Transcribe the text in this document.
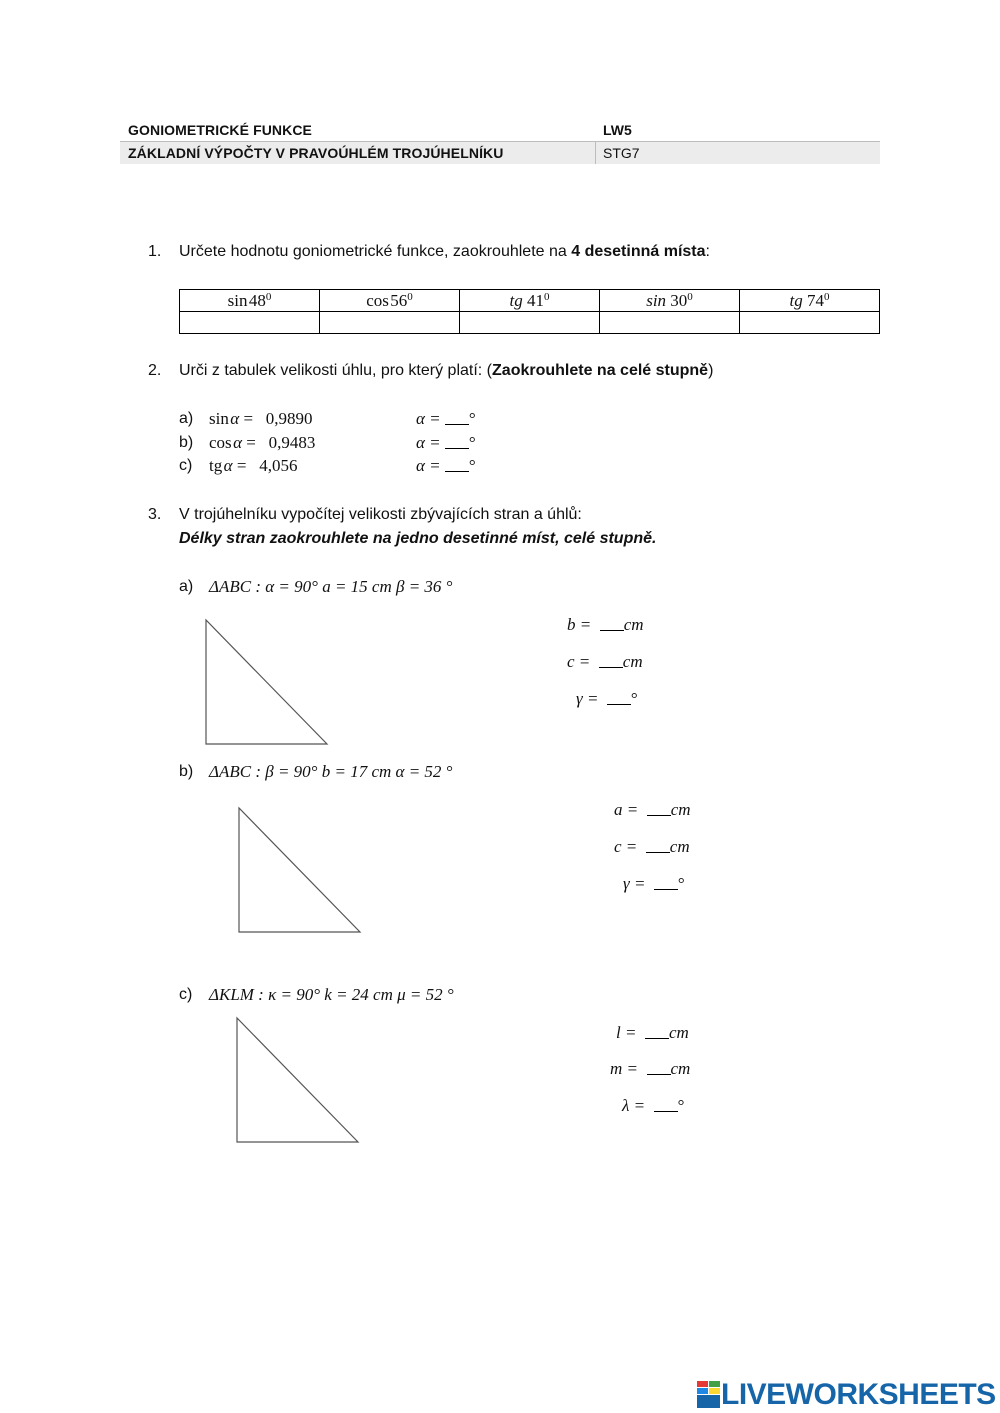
GONIOMETRICKÉ FUNKCE	LW5
ZÁKLADNÍ VÝPOČTY V PRAVOÚHLÉM TROJÚHELNÍKU	STG7
1. Určete hodnotu goniometrické funkce, zaokrouhlete na 4 desetinná místa:
sin $48^0$	cos $56^0$	tg $41^0$	$\sin 30^0$	tg $74^0$

2. Urči z tabulek velikosti úhlu, pro který platí: (Zaokrouhlete na celé stupně)
a) sin α = 0,9890	α = °
b) cos α = 0,9483	α = °
c) tg α = 4,056	α = °
3. V trojúhelníku vypočítej velikosti zbývajících stran a úhlů:
Délky stran zaokrouhlete na jedno desetinné míst, celé stupně.
a) ΔABC : α = 90° a = 15 cm β = 36 °
b = cm
c = cm
γ = °
b) ΔABC : β = 90° b = 17 cm α = 52 °
a = cm
c = cm
γ = °
c) ΔKLM : κ = 90° k = 24 cm μ = 52 °
l = cm
m = cm
λ = °
LIVEWORKSHEETS
